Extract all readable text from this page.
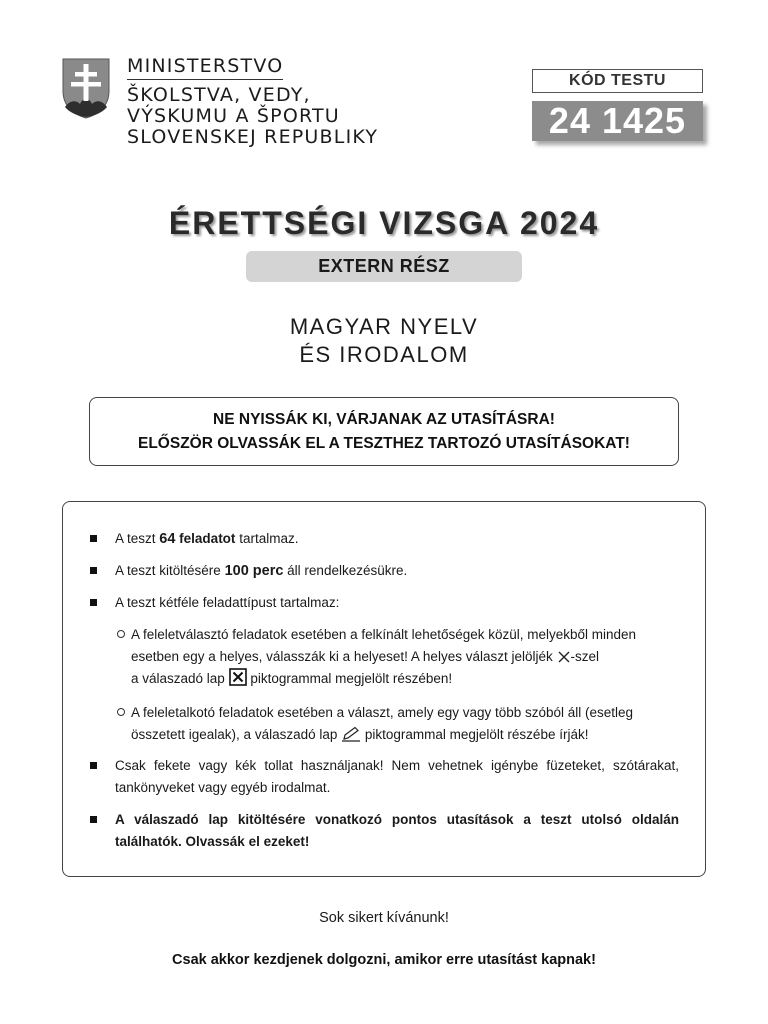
MINISTERSTVO
ŠKOLSTVA, VEDY,
VÝSKUMU A ŠPORTU
SLOVENSKEJ REPUBLIKY
KÓD TESTU
24 1425
ÉRETTSÉGI VIZSGA 2024
EXTERN RÉSZ
MAGYAR NYELV
ÉS IRODALOM
NE NYISSÁK KI, VÁRJANAK AZ UTASÍTÁSRA!
ELŐSZÖR OLVASSÁK EL A TESZTHEZ TARTOZÓ UTASÍTÁSOKAT!
A teszt 64 feladatot tartalmaz.
A teszt kitöltésére 100 perc áll rendelkezésükre.
A teszt kétféle feladattípust tartalmaz:
A feleletválasztó feladatok esetében a felkínált lehetőségek közül, melyekből minden
esetben egy a helyes, válasszák ki a helyeset! A helyes választ jelöljék -szel
a válaszadó lap  piktogrammal megjelölt részében!
A feleletalkotó feladatok esetében a választ, amely egy vagy több szóból áll (esetleg
összetett igealak), a válaszadó lap  piktogrammal megjelölt részébe írják!
Csak fekete vagy kék tollat használjanak! Nem vehetnek igénybe füzeteket, szótárakat, tankönyveket vagy egyéb irodalmat.
A válaszadó lap kitöltésére vonatkozó pontos utasítások a teszt utolsó oldalán találhatók. Olvassák el ezeket!
Sok sikert kívánunk!
Csak akkor kezdjenek dolgozni, amikor erre utasítást kapnak!
